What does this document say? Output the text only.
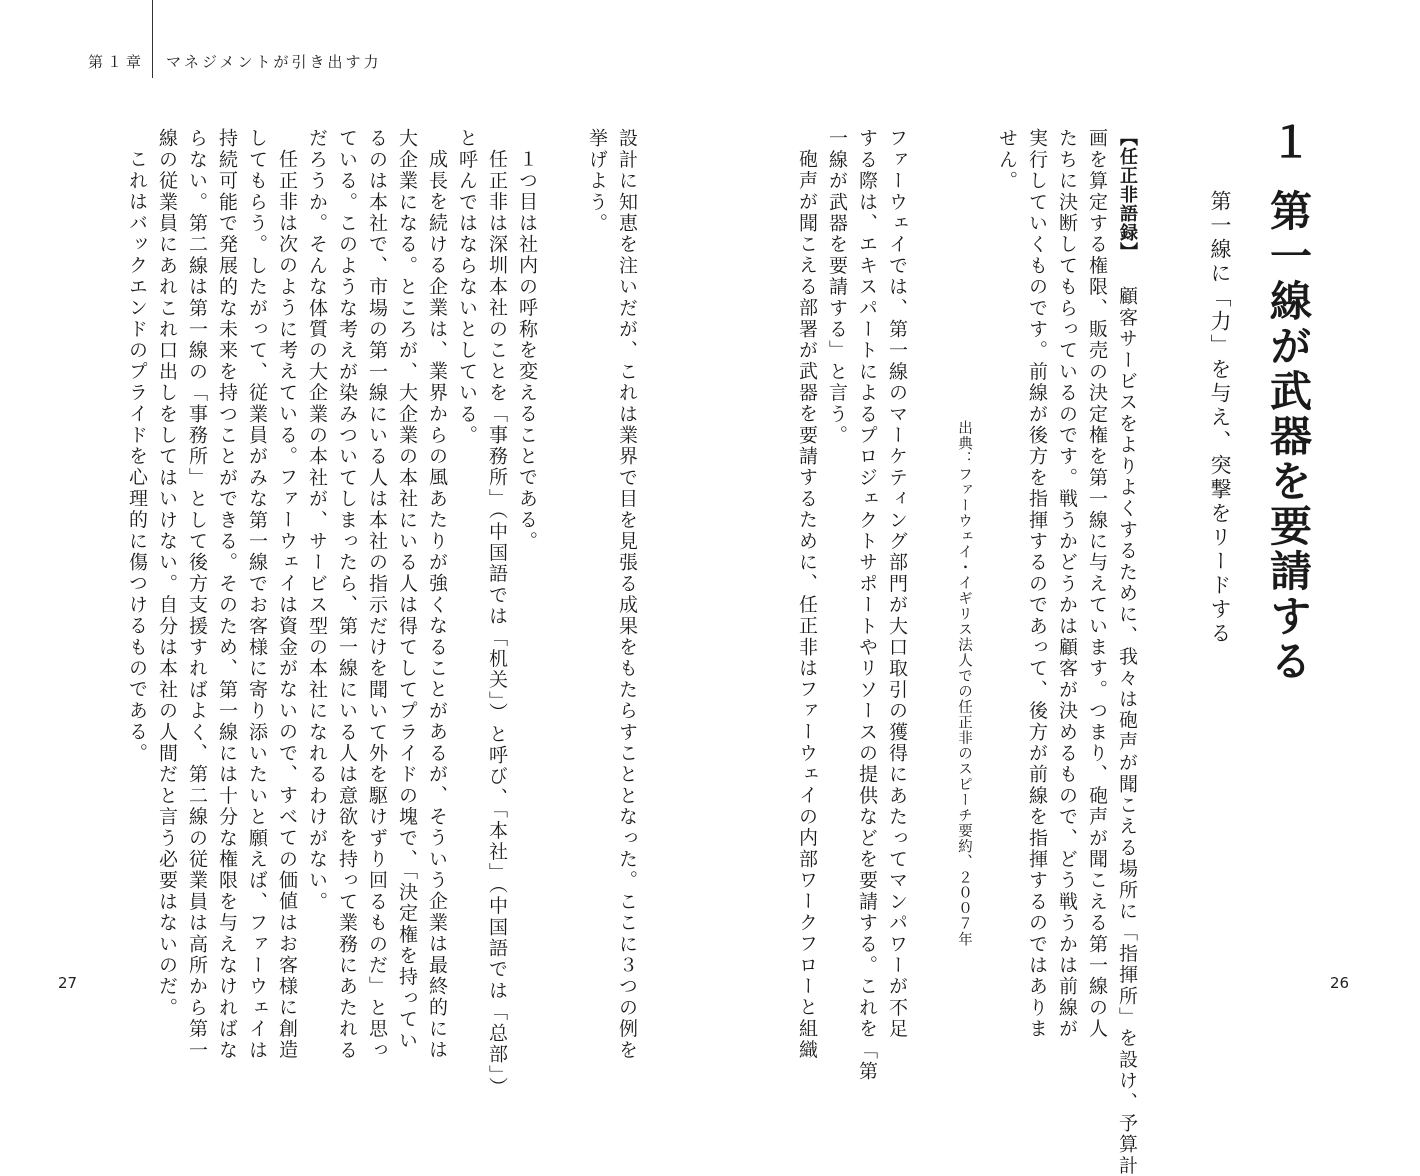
第１章 マネジメントが引き出す力
１第一線が武器を要請する
第一線に「力」を与え、突撃をリードする
【任正非語録】
顧客サービスをよりよくするために、我々は砲声が聞こえる場所に「指揮所」を設け、予算計
画を算定する権限、販売の決定権を第一線に与えています。つまり、砲声が聞こえる第一線の人
たちに決断してもらっているのです。戦うかどうかは顧客が決めるもので、どう戦うかは前線が
実行していくものです。前線が後方を指揮するのであって、後方が前線を指揮するのではありま
せん。
出典：ファーウェイ・イギリス法人での任正非のスピーチ要約、２００７年
ファーウェイでは、第一線のマーケティング部門が大口取引の獲得にあたってマンパワーが不足
する際は、エキスパートによるプロジェクトサポートやリソースの提供などを要請する。これを「第
一線が武器を要請する」と言う。
砲声が聞こえる部署が武器を要請するために、任正非はファーウェイの内部ワークフローと組織
設計に知恵を注いだが、これは業界で目を見張る成果をもたらすこととなった。ここに３つの例を
挙げよう。
１つ目は社内の呼称を変えることである。
任正非は深圳本社のことを「事務所」（中国語では「机关」）と呼び、「本社」（中国語では「总部」）
と呼んではならないとしている。
成長を続ける企業は、業界からの風あたりが強くなることがあるが、そういう企業は最終的には
大企業になる。ところが、大企業の本社にいる人は得てしてプライドの塊で、「決定権を持ってい
るのは本社で、市場の第一線にいる人は本社の指示だけを聞いて外を駆けずり回るものだ」と思っ
ている。このような考えが染みついてしまったら、第一線にいる人は意欲を持って業務にあたれる
だろうか。そんな体質の大企業の本社が、サービス型の本社になれるわけがない。
任正非は次のように考えている。ファーウェイは資金がないので、すべての価値はお客様に創造
してもらう。したがって、従業員がみな第一線でお客様に寄り添いたいと願えば、ファーウェイは
持続可能で発展的な未来を持つことができる。そのため、第一線には十分な権限を与えなければな
らない。第二線は第一線の「事務所」として後方支援すればよく、第二線の従業員は高所から第一
線の従業員にあれこれ口出しをしてはいけない。自分は本社の人間だと言う必要はないのだ。
これはバックエンドのプライドを心理的に傷つけるものである。
27	26
